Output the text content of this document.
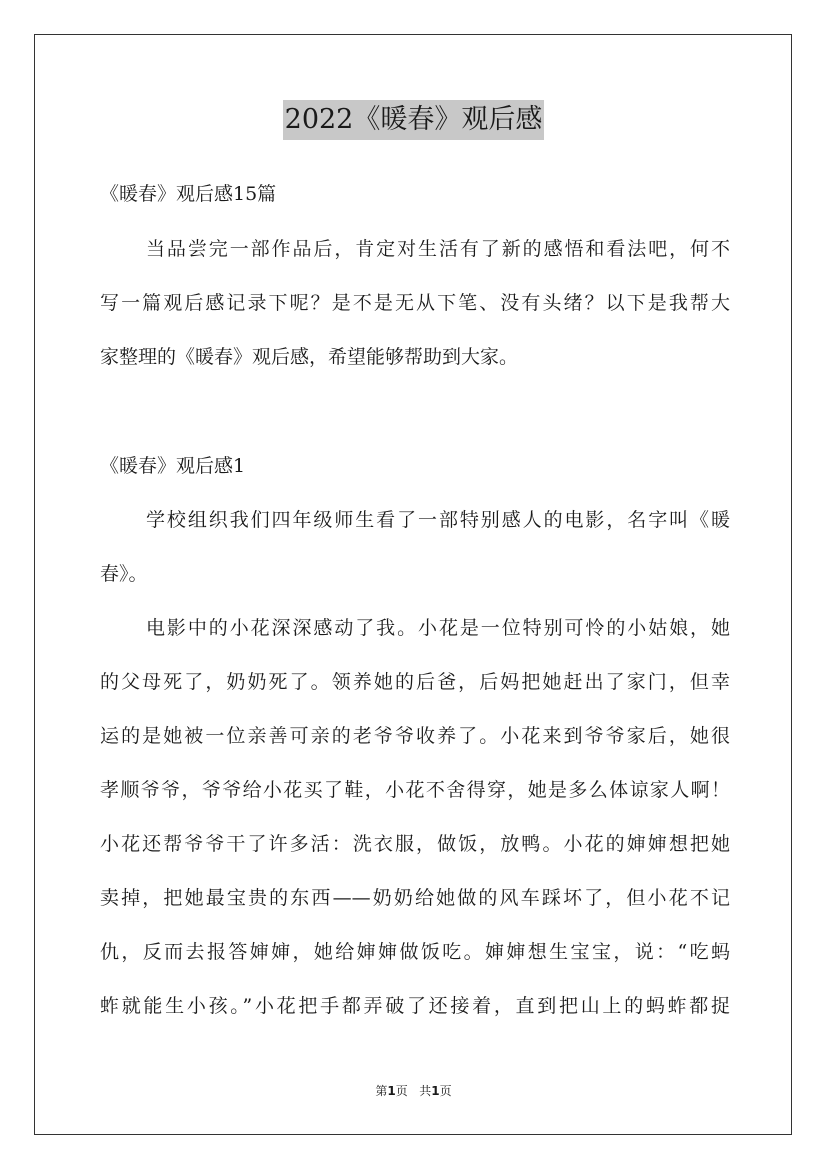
2022《暖春》观后感
《暖春》观后感15篇
当品尝完一部作品后，肯定对生活有了新的感悟和看法吧，何不
写一篇观后感记录下呢？是不是无从下笔、没有头绪？以下是我帮大
家整理的《暖春》观后感，希望能够帮助到大家。
《暖春》观后感1
学校组织我们四年级师生看了一部特别感人的电影，名字叫《暖
春》。
电影中的小花深深感动了我。小花是一位特别可怜的小姑娘，她
的父母死了，奶奶死了。领养她的后爸，后妈把她赶出了家门，但幸
运的是她被一位亲善可亲的老爷爷收养了。小花来到爷爷家后，她很
孝顺爷爷，爷爷给小花买了鞋，小花不舍得穿，她是多么体谅家人啊！
小花还帮爷爷干了许多活：洗衣服，做饭，放鸭。小花的婶婶想把她
卖掉，把她最宝贵的东西——奶奶给她做的风车踩坏了，但小花不记
仇，反而去报答婶婶，她给婶婶做饭吃。婶婶想生宝宝，说：“吃蚂
蚱就能生小孩。”小花把手都弄破了还接着，直到把山上的蚂蚱都捉
第1页 共1页
